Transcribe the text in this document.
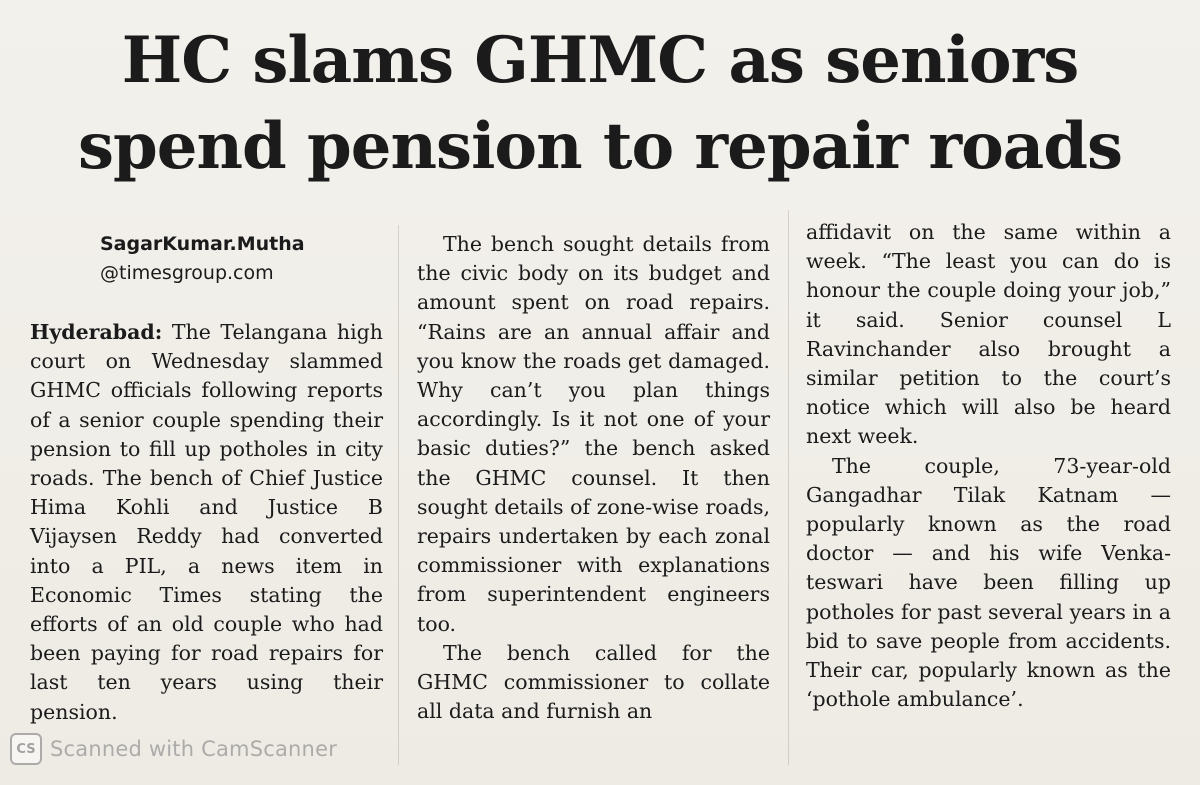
HC slams GHMC as seniors
spend pension to repair roads
SagarKumar.Mutha
@timesgroup.com

Hyderabad: The Telangana high court on Wednesday slammed GHMC officials following reports of a senior couple spending their pension to fill up potholes in city roads. The bench of Chief Justice Hima Kohli and Justice B Vijaysen Reddy had converted into a PIL, a news item in Economic Times stating the efforts of an old couple who had been paying for road repairs for last ten years using their pension.

The bench sought details from the civic body on its budget and amount spent on road repairs. “Rains are an annual affair and you know the roads get damaged. Why can’t you plan things accordingly. Is it not one of your basic duties?” the bench asked the GHMC counsel. It then sought details of zone-wise roads, repairs undertaken by each zonal commissioner with explanations from superintendent engineers too.

The bench called for the GHMC commissioner to collate all data and furnish an

affidavit on the same within a week. “The least you can do is honour the couple doing your job,” it said. Senior counsel L Ravinchander also brought a similar petition to the court’s notice which will also be heard next week.

The couple, 73-year-old Gangadhar Tilak Katnam — popularly known as the road doctor — and his wife Venkateswari have been filling up potholes for past several years in a bid to save people from accidents. Their car, popularly known as the ‘pothole ambulance’.

CS Scanned with CamScanner
